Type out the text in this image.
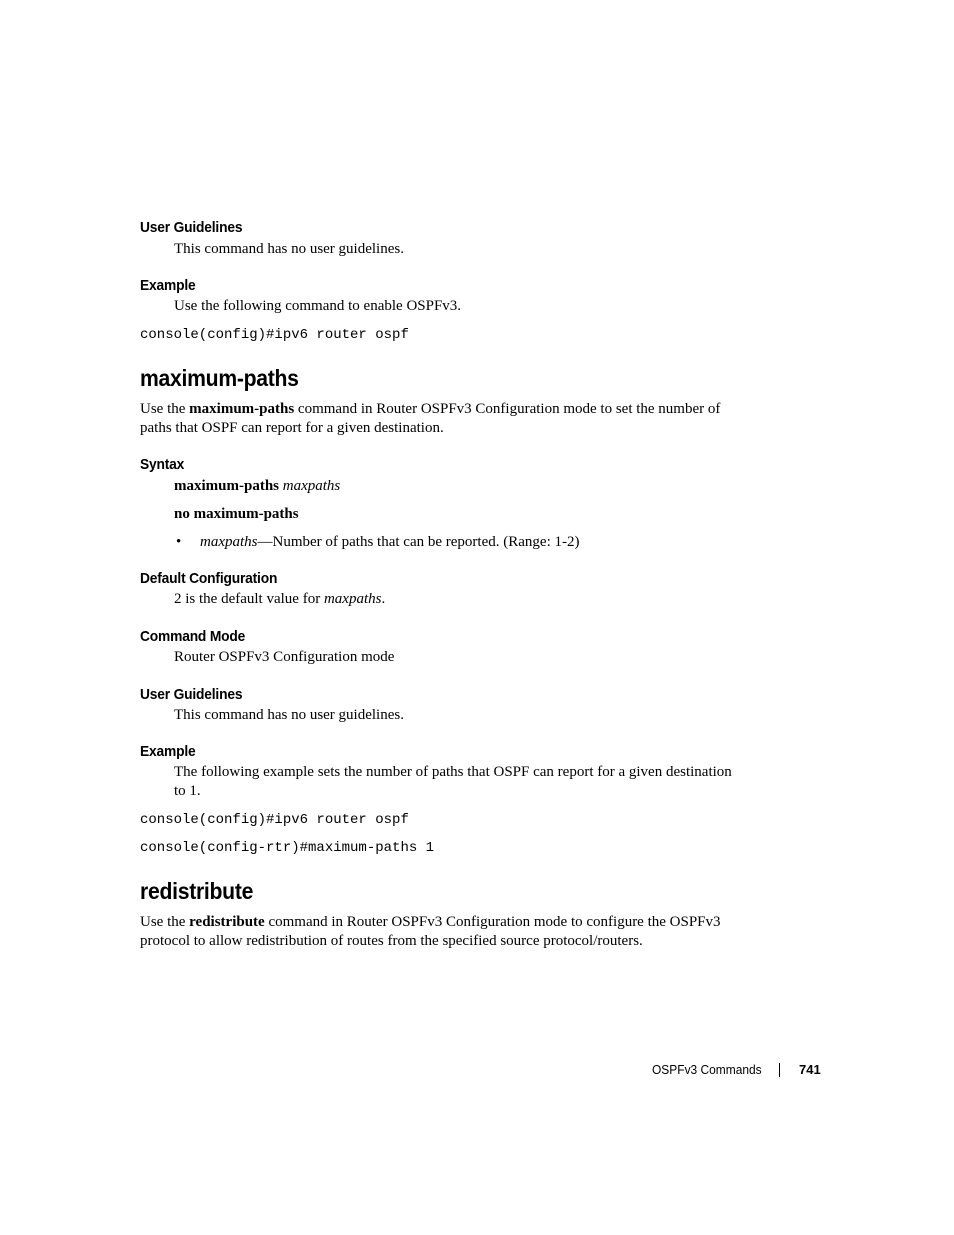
User Guidelines
This command has no user guidelines.
Example
Use the following command to enable OSPFv3.
console(config)#ipv6 router ospf
maximum-paths
Use the maximum-paths command in Router OSPFv3 Configuration mode to set the number of
paths that OSPF can report for a given destination.
Syntax
maximum-paths maxpaths
no maximum-paths
• maxpaths—Number of paths that can be reported. (Range: 1-2)
Default Configuration
2 is the default value for maxpaths.
Command Mode
Router OSPFv3 Configuration mode
User Guidelines
This command has no user guidelines.
Example
The following example sets the number of paths that OSPF can report for a given destination
to 1.
console(config)#ipv6 router ospf
console(config-rtr)#maximum-paths 1
redistribute
Use the redistribute command in Router OSPFv3 Configuration mode to configure the OSPFv3
protocol to allow redistribution of routes from the specified source protocol/routers.
OSPFv3 Commands	741
